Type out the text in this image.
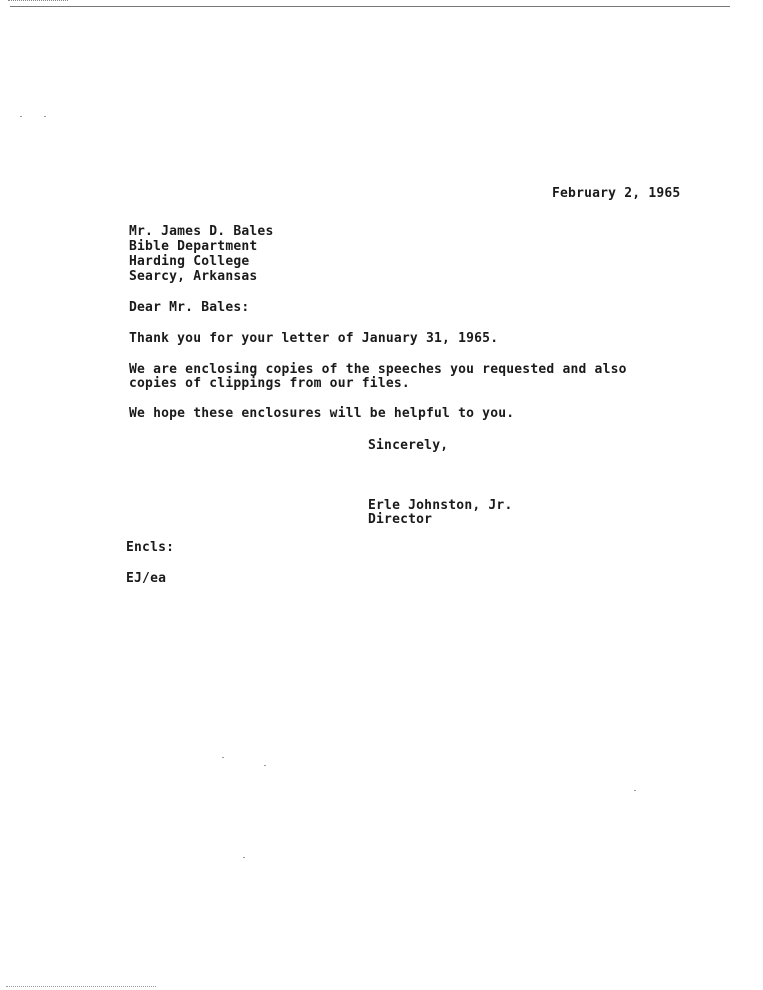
February 2, 1965
Mr. James D. Bales
Bible Department
Harding College
Searcy, Arkansas
Dear Mr. Bales:
Thank you for your letter of January 31, 1965.
We are enclosing copies of the speeches you requested and also
copies of clippings from our files.
We hope these enclosures will be helpful to you.
Sincerely,
Erle Johnston, Jr.
Director
Encls:
EJ/ea
